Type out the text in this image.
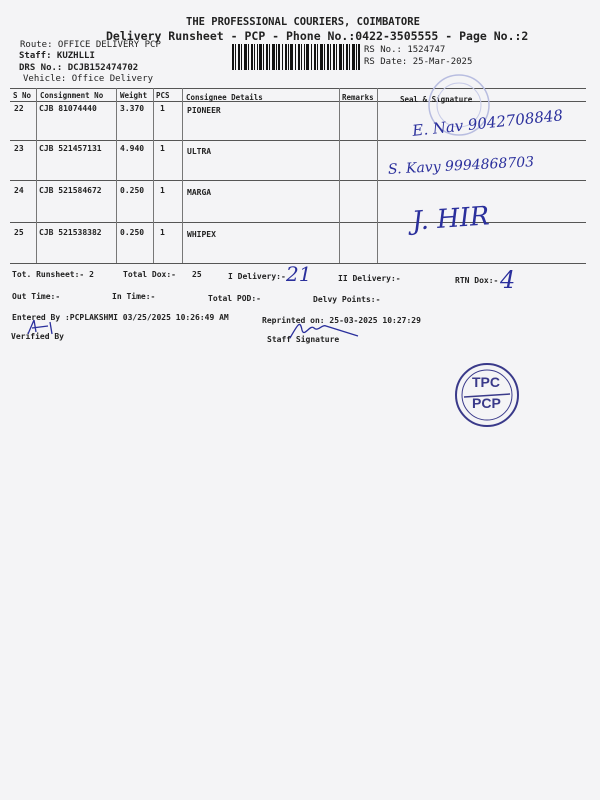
THE PROFESSIONAL COURIERS, COIMBATORE
Delivery Runsheet - PCP - Phone No.:0422-3505555 - Page No.:2
Route: OFFICE DELIVERY PCP
Staff: KUZHLLI
DRS No.: DCJB152474702
Vehicle: Office Delivery
RS No.: 1524747
RS Date: 25-Mar-2025
S No Consignment No Weight PCS Consignee Details	Remarks	Seal & Signature
22 CJB 81074440	3.370 1	PIONEER
23 CJB 521457131 4.940 1	ULTRA
24 CJB 521584672 0.250 1	MARGA
25 CJB 521538382 0.250 1	WHIPEX
E. Nav 9042708848
S. Kavy 9994868703
J. HIR
Tot. Runsheet:- 2	Total Dox:- 25	I Delivery:- 21	II Delivery:-	RTN Dox:- 4
Out Time:-	In Time:-	Total POD:-	Delvy Points:-
Entered By :PCPLAKSHMI 03/25/2025 10:26:49 AM	Reprinted on: 25-03-2025 10:27:29
Verified By	Staff Signature
TPC
PCP
